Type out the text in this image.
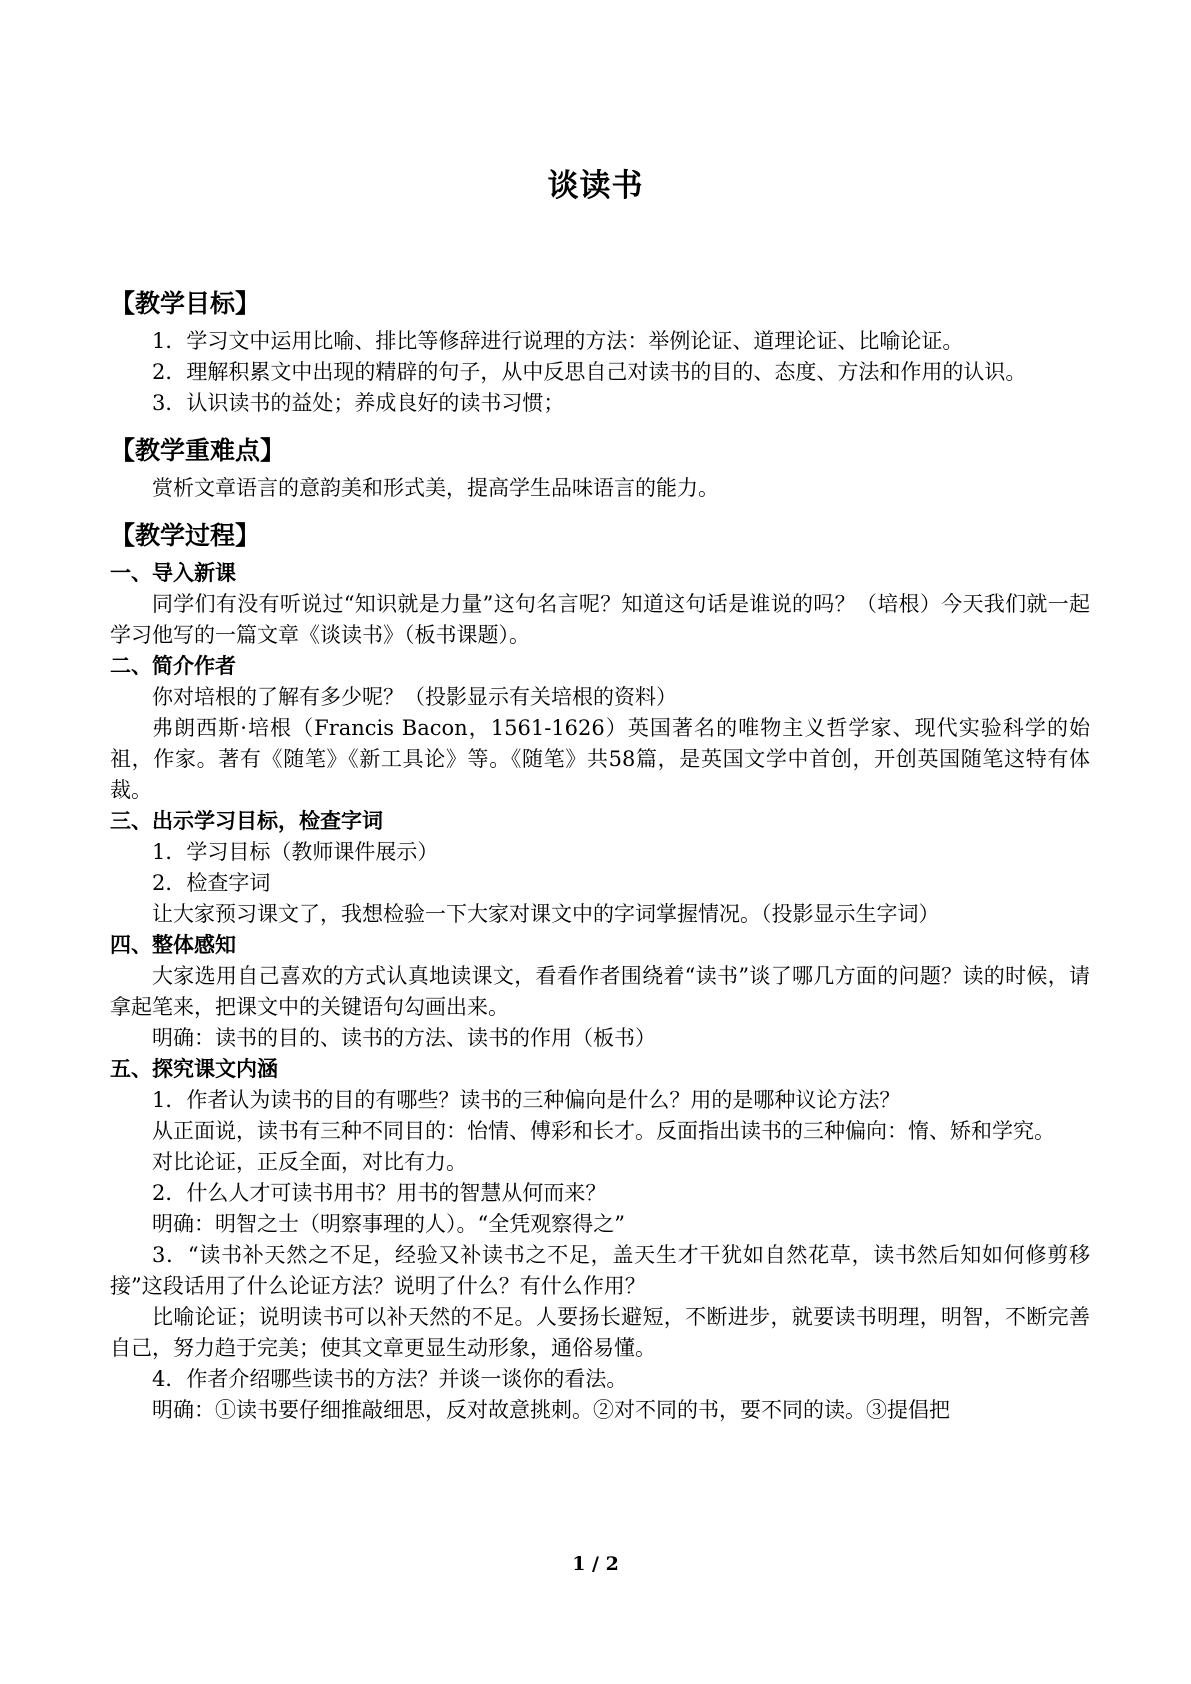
谈读书
【教学目标】

1．学习文中运用比喻、排比等修辞进行说理的方法：举例论证、道理论证、比喻论证。

2．理解积累文中出现的精辟的句子，从中反思自己对读书的目的、态度、方法和作用的认识。

3．认识读书的益处；养成良好的读书习惯；

【教学重难点】

赏析文章语言的意韵美和形式美，提高学生品味语言的能力。

【教学过程】

一、导入新课

同学们有没有听说过“知识就是力量”这句名言呢？知道这句话是谁说的吗？（培根）今天我们就一起学习他写的一篇文章《谈读书》（板书课题）。

二、简介作者

你对培根的了解有多少呢？（投影显示有关培根的资料）

弗朗西斯·培根（Francis Bacon，1561-1626）英国著名的唯物主义哲学家、现代实验科学的始祖，作家。著有《随笔》《新工具论》等。《随笔》共58篇，是英国文学中首创，开创英国随笔这特有体裁。

三、出示学习目标，检查字词

1．学习目标（教师课件展示）

2．检查字词

让大家预习课文了，我想检验一下大家对课文中的字词掌握情况。（投影显示生字词）

四、整体感知

大家选用自己喜欢的方式认真地读课文，看看作者围绕着“读书”谈了哪几方面的问题？读的时候，请拿起笔来，把课文中的关键语句勾画出来。

明确：读书的目的、读书的方法、读书的作用（板书）

五、探究课文内涵

1．作者认为读书的目的有哪些？读书的三种偏向是什么？用的是哪种议论方法？

从正面说，读书有三种不同目的：怡情、傅彩和长才。反面指出读书的三种偏向：惰、矫和学究。

对比论证，正反全面，对比有力。

2．什么人才可读书用书？用书的智慧从何而来？

明确：明智之士（明察事理的人）。“全凭观察得之”

3．“读书补天然之不足，经验又补读书之不足，盖天生才干犹如自然花草，读书然后知如何修剪移接”这段话用了什么论证方法？说明了什么？有什么作用？

比喻论证；说明读书可以补天然的不足。人要扬长避短，不断进步，就要读书明理，明智，不断完善自己，努力趋于完美；使其文章更显生动形象，通俗易懂。

4．作者介绍哪些读书的方法？并谈一谈你的看法。

明确：①读书要仔细推敲细思，反对故意挑刺。②对不同的书，要不同的读。③提倡把

1 / 2
